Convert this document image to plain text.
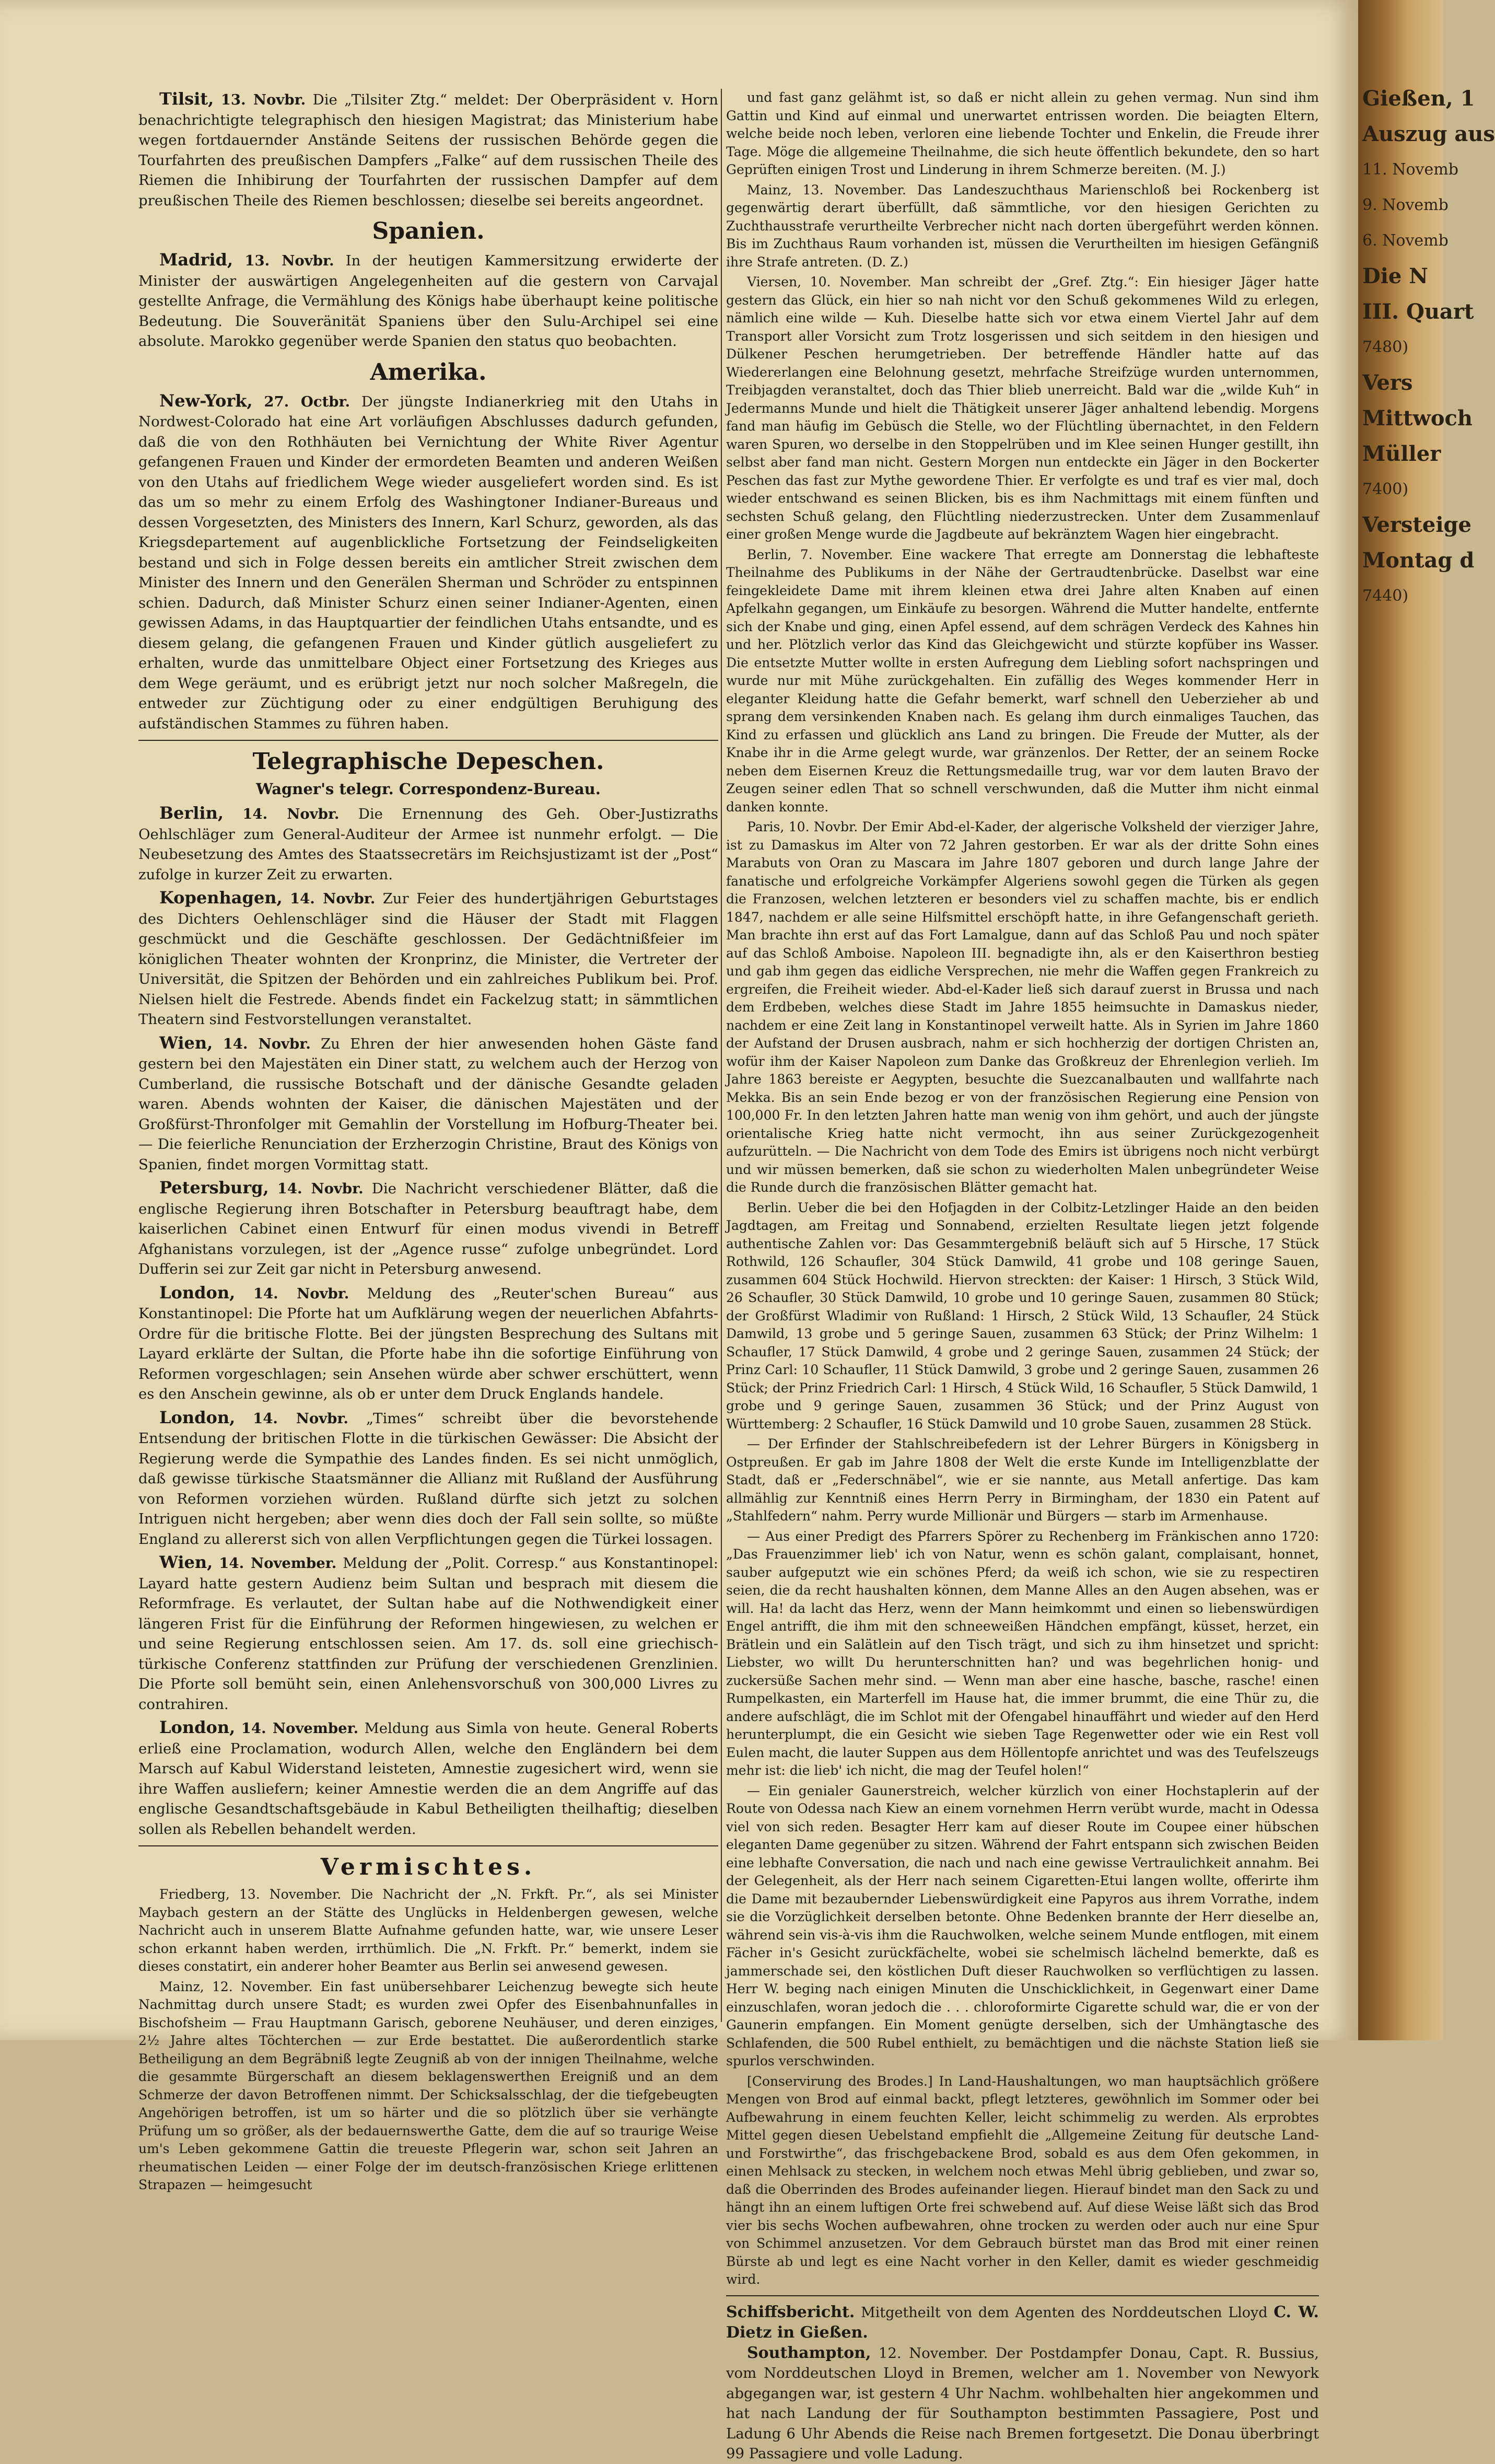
Tilsit, 13. Novbr. Die „Tilsiter Ztg.“ meldet: Der Oberpräsident v. Horn benachrichtigte telegraphisch den hiesigen Magistrat; das Ministerium habe wegen fortdauernder Anstände Seitens der russischen Behörde gegen die Tourfahrten des preußischen Dampfers „Falke“ auf dem russischen Theile des Riemen die Inhibirung der Tourfahrten der russischen Dampfer auf dem preußischen Theile des Riemen beschlossen; dieselbe sei bereits angeordnet.

Spanien.

Madrid, 13. Novbr. In der heutigen Kammersitzung erwiderte der Minister der auswärtigen Angelegenheiten auf die gestern von Carvajal gestellte Anfrage, die Vermählung des Königs habe überhaupt keine politische Bedeutung. Die Souveränität Spaniens über den Sulu-Archipel sei eine absolute. Marokko gegenüber werde Spanien den status quo beobachten.

Amerika.

New-York, 27. Octbr. Der jüngste Indianerkrieg mit den Utahs in Nordwest-Colorado hat eine Art vorläufigen Abschlusses dadurch gefunden, daß die von den Rothhäuten bei Vernichtung der White River Agentur gefangenen Frauen und Kinder der ermordeten Beamten und anderen Weißen von den Utahs auf friedlichem Wege wieder ausgeliefert worden sind. Es ist das um so mehr zu einem Erfolg des Washingtoner Indianer-Bureaus und dessen Vorgesetzten, des Ministers des Innern, Karl Schurz, geworden, als das Kriegsdepartement auf augenblickliche Fortsetzung der Feindseligkeiten bestand und sich in Folge dessen bereits ein amtlicher Streit zwischen dem Minister des Innern und den Generälen Sherman und Schröder zu entspinnen schien. Dadurch, daß Minister Schurz einen seiner Indianer-Agenten, einen gewissen Adams, in das Hauptquartier der feindlichen Utahs entsandte, und es diesem gelang, die gefangenen Frauen und Kinder gütlich ausgeliefert zu erhalten, wurde das unmittelbare Object einer Fortsetzung des Krieges aus dem Wege geräumt, und es erübrigt jetzt nur noch solcher Maßregeln, die entweder zur Züchtigung oder zu einer endgültigen Beruhigung des aufständischen Stammes zu führen haben.

Telegraphische Depeschen.
Wagner's telegr. Correspondenz-Bureau.

Berlin, 14. Novbr. Die Ernennung des Geh. Ober-Justizraths Oehlschläger zum General-Auditeur der Armee ist nunmehr erfolgt. — Die Neubesetzung des Amtes des Staatssecretärs im Reichsjustizamt ist der „Post“ zufolge in kurzer Zeit zu erwarten.

Kopenhagen, 14. Novbr. Zur Feier des hundertjährigen Geburtstages des Dichters Oehlenschläger sind die Häuser der Stadt mit Flaggen geschmückt und die Geschäfte geschlossen. Der Gedächtnißfeier im königlichen Theater wohnten der Kronprinz, die Minister, die Vertreter der Universität, die Spitzen der Behörden und ein zahlreiches Publikum bei. Prof. Nielsen hielt die Festrede. Abends findet ein Fackelzug statt; in sämmtlichen Theatern sind Festvorstellungen veranstaltet.

Wien, 14. Novbr. Zu Ehren der hier anwesenden hohen Gäste fand gestern bei den Majestäten ein Diner statt, zu welchem auch der Herzog von Cumberland, die russische Botschaft und der dänische Gesandte geladen waren. Abends wohnten der Kaiser, die dänischen Majestäten und der Großfürst-Thronfolger mit Gemahlin der Vorstellung im Hofburg-Theater bei. — Die feierliche Renunciation der Erzherzogin Christine, Braut des Königs von Spanien, findet morgen Vormittag statt.

Petersburg, 14. Novbr. Die Nachricht verschiedener Blätter, daß die englische Regierung ihren Botschafter in Petersburg beauftragt habe, dem kaiserlichen Cabinet einen Entwurf für einen modus vivendi in Betreff Afghanistans vorzulegen, ist der „Agence russe“ zufolge unbegründet. Lord Dufferin sei zur Zeit gar nicht in Petersburg anwesend.

London, 14. Novbr. Meldung des „Reuter'schen Bureau“ aus Konstantinopel: Die Pforte hat um Aufklärung wegen der neuerlichen Abfahrts-Ordre für die britische Flotte. Bei der jüngsten Besprechung des Sultans mit Layard erklärte der Sultan, die Pforte habe ihn die sofortige Einführung von Reformen vorgeschlagen; sein Ansehen würde aber schwer erschüttert, wenn es den Anschein gewinne, als ob er unter dem Druck Englands handele.

London, 14. Novbr. „Times“ schreibt über die bevorstehende Entsendung der britischen Flotte in die türkischen Gewässer: Die Absicht der Regierung werde die Sympathie des Landes finden. Es sei nicht unmöglich, daß gewisse türkische Staatsmänner die Allianz mit Rußland der Ausführung von Reformen vorziehen würden. Rußland dürfte sich jetzt zu solchen Intriguen nicht hergeben; aber wenn dies doch der Fall sein sollte, so müßte England zu allererst sich von allen Verpflichtungen gegen die Türkei lossagen.

Wien, 14. November. Meldung der „Polit. Corresp.“ aus Konstantinopel: Layard hatte gestern Audienz beim Sultan und besprach mit diesem die Reformfrage. Es verlautet, der Sultan habe auf die Nothwendigkeit einer längeren Frist für die Einführung der Reformen hingewiesen, zu welchen er und seine Regierung entschlossen seien. Am 17. ds. soll eine griechisch-türkische Conferenz stattfinden zur Prüfung der verschiedenen Grenzlinien. Die Pforte soll bemüht sein, einen Anlehensvorschuß von 300,000 Livres zu contrahiren.

London, 14. November. Meldung aus Simla von heute. General Roberts erließ eine Proclamation, wodurch Allen, welche den Engländern bei dem Marsch auf Kabul Widerstand leisteten, Amnestie zugesichert wird, wenn sie ihre Waffen ausliefern; keiner Amnestie werden die an dem Angriffe auf das englische Gesandtschaftsgebäude in Kabul Betheiligten theilhaftig; dieselben sollen als Rebellen behandelt werden.

Vermischtes.

Friedberg, 13. November. Die Nachricht der „N. Frkft. Pr.“, als sei Minister Maybach gestern an der Stätte des Unglücks in Heldenbergen gewesen, welche Nachricht auch in unserem Blatte Aufnahme gefunden hatte, war, wie unsere Leser schon erkannt haben werden, irrthümlich. Die „N. Frkft. Pr.“ bemerkt, indem sie dieses constatirt, ein anderer hoher Beamter aus Berlin sei anwesend gewesen.

Mainz, 12. November. Ein fast unübersehbarer Leichenzug bewegte sich heute Nachmittag durch unsere Stadt; es wurden zwei Opfer des Eisenbahnunfalles in Bischofsheim — Frau Hauptmann Garisch, geborene Neuhäuser, und deren einziges, 2½ Jahre altes Töchterchen — zur Erde bestattet. Die außerordentlich starke Betheiligung an dem Begräbniß legte Zeugniß ab von der innigen Theilnahme, welche die gesammte Bürgerschaft an diesem beklagenswerthen Ereigniß und an dem Schmerze der davon Betroffenen nimmt. Der Schicksalsschlag, der die tiefgebeugten Angehörigen betroffen, ist um so härter und die so plötzlich über sie verhängte Prüfung um so größer, als der bedauernswerthe Gatte, dem die auf so traurige Weise um's Leben gekommene Gattin die treueste Pflegerin war, schon seit Jahren an rheumatischen Leiden — einer Folge der im deutsch-französischen Kriege erlittenen Strapazen — heimgesucht

und fast ganz gelähmt ist, so daß er nicht allein zu gehen vermag. Nun sind ihm Gattin und Kind auf einmal und unerwartet entrissen worden. Die beiagten Eltern, welche beide noch leben, verloren eine liebende Tochter und Enkelin, die Freude ihrer Tage. Möge die allgemeine Theilnahme, die sich heute öffentlich bekundete, den so hart Geprüften einigen Trost und Linderung in ihrem Schmerze bereiten. (M. J.)

Mainz, 13. November. Das Landeszuchthaus Marienschloß bei Rockenberg ist gegenwärtig derart überfüllt, daß sämmtliche, vor den hiesigen Gerichten zu Zuchthausstrafe verurtheilte Verbrecher nicht nach dorten übergeführt werden können. Bis im Zuchthaus Raum vorhanden ist, müssen die Verurtheilten im hiesigen Gefängniß ihre Strafe antreten. (D. Z.)

Viersen, 10. November. Man schreibt der „Gref. Ztg.“: Ein hiesiger Jäger hatte gestern das Glück, ein hier so nah nicht vor den Schuß gekommenes Wild zu erlegen, nämlich eine wilde — Kuh. Dieselbe hatte sich vor etwa einem Viertel Jahr auf dem Transport aller Vorsicht zum Trotz losgerissen und sich seitdem in den hiesigen und Dülkener Peschen herumgetrieben. Der betreffende Händler hatte auf das Wiedererlangen eine Belohnung gesetzt, mehrfache Streifzüge wurden unternommen, Treibjagden veranstaltet, doch das Thier blieb unerreicht. Bald war die „wilde Kuh“ in Jedermanns Munde und hielt die Thätigkeit unserer Jäger anhaltend lebendig. Morgens fand man häufig im Gebüsch die Stelle, wo der Flüchtling übernachtet, in den Feldern waren Spuren, wo derselbe in den Stoppelrüben und im Klee seinen Hunger gestillt, ihn selbst aber fand man nicht. Gestern Morgen nun entdeckte ein Jäger in den Bockerter Peschen das fast zur Mythe gewordene Thier. Er verfolgte es und traf es vier mal, doch wieder entschwand es seinen Blicken, bis es ihm Nachmittags mit einem fünften und sechsten Schuß gelang, den Flüchtling niederzustrecken. Unter dem Zusammenlauf einer großen Menge wurde die Jagdbeute auf bekränztem Wagen hier eingebracht.

Berlin, 7. November. Eine wackere That erregte am Donnerstag die lebhafteste Theilnahme des Publikums in der Nähe der Gertraudtenbrücke. Daselbst war eine feingekleidete Dame mit ihrem kleinen etwa drei Jahre alten Knaben auf einen Apfelkahn gegangen, um Einkäufe zu besorgen. Während die Mutter handelte, entfernte sich der Knabe und ging, einen Apfel essend, auf dem schrägen Verdeck des Kahnes hin und her. Plötzlich verlor das Kind das Gleichgewicht und stürzte kopfüber ins Wasser. Die entsetzte Mutter wollte in ersten Aufregung dem Liebling sofort nachspringen und wurde nur mit Mühe zurückgehalten. Ein zufällig des Weges kommender Herr in eleganter Kleidung hatte die Gefahr bemerkt, warf schnell den Ueberzieher ab und sprang dem versinkenden Knaben nach. Es gelang ihm durch einmaliges Tauchen, das Kind zu erfassen und glücklich ans Land zu bringen. Die Freude der Mutter, als der Knabe ihr in die Arme gelegt wurde, war gränzenlos. Der Retter, der an seinem Rocke neben dem Eisernen Kreuz die Rettungsmedaille trug, war vor dem lauten Bravo der Zeugen seiner edlen That so schnell verschwunden, daß die Mutter ihm nicht einmal danken konnte.

Paris, 10. Novbr. Der Emir Abd-el-Kader, der algerische Volksheld der vierziger Jahre, ist zu Damaskus im Alter von 72 Jahren gestorben. Er war als der dritte Sohn eines Marabuts von Oran zu Mascara im Jahre 1807 geboren und durch lange Jahre der fanatische und erfolgreiche Vorkämpfer Algeriens sowohl gegen die Türken als gegen die Franzosen, welchen letzteren er besonders viel zu schaffen machte, bis er endlich 1847, nachdem er alle seine Hilfsmittel erschöpft hatte, in ihre Gefangenschaft gerieth. Man brachte ihn erst auf das Fort Lamalgue, dann auf das Schloß Pau und noch später auf das Schloß Amboise. Napoleon III. begnadigte ihn, als er den Kaiserthron bestieg und gab ihm gegen das eidliche Versprechen, nie mehr die Waffen gegen Frankreich zu ergreifen, die Freiheit wieder. Abd-el-Kader ließ sich darauf zuerst in Brussa und nach dem Erdbeben, welches diese Stadt im Jahre 1855 heimsuchte in Damaskus nieder, nachdem er eine Zeit lang in Konstantinopel verweilt hatte. Als in Syrien im Jahre 1860 der Aufstand der Drusen ausbrach, nahm er sich hochherzig der dortigen Christen an, wofür ihm der Kaiser Napoleon zum Danke das Großkreuz der Ehrenlegion verlieh. Im Jahre 1863 bereiste er Aegypten, besuchte die Suezcanalbauten und wallfahrte nach Mekka. Bis an sein Ende bezog er von der französischen Regierung eine Pension von 100,000 Fr. In den letzten Jahren hatte man wenig von ihm gehört, und auch der jüngste orientalische Krieg hatte nicht vermocht, ihn aus seiner Zurückgezogenheit aufzurütteln. — Die Nachricht von dem Tode des Emirs ist übrigens noch nicht verbürgt und wir müssen bemerken, daß sie schon zu wiederholten Malen unbegründeter Weise die Runde durch die französischen Blätter gemacht hat.

Berlin. Ueber die bei den Hofjagden in der Colbitz-Letzlinger Haide an den beiden Jagdtagen, am Freitag und Sonnabend, erzielten Resultate liegen jetzt folgende authentische Zahlen vor: Das Gesammtergebniß beläuft sich auf 5 Hirsche, 17 Stück Rothwild, 126 Schaufler, 304 Stück Damwild, 41 grobe und 108 geringe Sauen, zusammen 604 Stück Hochwild. Hiervon streckten: der Kaiser: 1 Hirsch, 3 Stück Wild, 26 Schaufler, 30 Stück Damwild, 10 grobe und 10 geringe Sauen, zusammen 80 Stück; der Großfürst Wladimir von Rußland: 1 Hirsch, 2 Stück Wild, 13 Schaufler, 24 Stück Damwild, 13 grobe und 5 geringe Sauen, zusammen 63 Stück; der Prinz Wilhelm: 1 Schaufler, 17 Stück Damwild, 4 grobe und 2 geringe Sauen, zusammen 24 Stück; der Prinz Carl: 10 Schaufler, 11 Stück Damwild, 3 grobe und 2 geringe Sauen, zusammen 26 Stück; der Prinz Friedrich Carl: 1 Hirsch, 4 Stück Wild, 16 Schaufler, 5 Stück Damwild, 1 grobe und 9 geringe Sauen, zusammen 36 Stück; und der Prinz August von Württemberg: 2 Schaufler, 16 Stück Damwild und 10 grobe Sauen, zusammen 28 Stück.

— Der Erfinder der Stahlschreibefedern ist der Lehrer Bürgers in Königsberg in Ostpreußen. Er gab im Jahre 1808 der Welt die erste Kunde im Intelligenzblatte der Stadt, daß er „Federschnäbel“, wie er sie nannte, aus Metall anfertige. Das kam allmählig zur Kenntniß eines Herrn Perry in Birmingham, der 1830 ein Patent auf „Stahlfedern“ nahm. Perry wurde Millionär und Bürgers — starb im Armenhause.

— Aus einer Predigt des Pfarrers Spörer zu Rechenberg im Fränkischen anno 1720: „Das Frauenzimmer lieb' ich von Natur, wenn es schön galant, complaisant, honnet, sauber aufgeputzt wie ein schönes Pferd; da weiß ich schon, wie sie zu respectiren seien, die da recht haushalten können, dem Manne Alles an den Augen absehen, was er will. Ha! da lacht das Herz, wenn der Mann heimkommt und einen so liebenswürdigen Engel antrifft, die ihm mit den schneeweißen Händchen empfängt, küsset, herzet, ein Brätlein und ein Salätlein auf den Tisch trägt, und sich zu ihm hinsetzet und spricht: Liebster, wo willt Du herunterschnitten han? und was begehrlichen honig- und zuckersüße Sachen mehr sind. — Wenn man aber eine hasche, basche, rasche! einen Rumpelkasten, ein Marterfell im Hause hat, die immer brummt, die eine Thür zu, die andere aufschlägt, die im Schlot mit der Ofengabel hinauffährt und wieder auf den Herd herunterplumpt, die ein Gesicht wie sieben Tage Regenwetter oder wie ein Rest voll Eulen macht, die lauter Suppen aus dem Höllentopfe anrichtet und was des Teufelszeugs mehr ist: die lieb' ich nicht, die mag der Teufel holen!“

— Ein genialer Gaunerstreich, welcher kürzlich von einer Hochstaplerin auf der Route von Odessa nach Kiew an einem vornehmen Herrn verübt wurde, macht in Odessa viel von sich reden. Besagter Herr kam auf dieser Route im Coupee einer hübschen eleganten Dame gegenüber zu sitzen. Während der Fahrt entspann sich zwischen Beiden eine lebhafte Conversation, die nach und nach eine gewisse Vertraulichkeit annahm. Bei der Gelegenheit, als der Herr nach seinem Cigaretten-Etui langen wollte, offerirte ihm die Dame mit bezaubernder Liebenswürdigkeit eine Papyros aus ihrem Vorrathe, indem sie die Vorzüglichkeit derselben betonte. Ohne Bedenken brannte der Herr dieselbe an, während sein vis-à-vis ihm die Rauchwolken, welche seinem Munde entflogen, mit einem Fächer in's Gesicht zurückfächelte, wobei sie schelmisch lächelnd bemerkte, daß es jammerschade sei, den köstlichen Duft dieser Rauchwolken so verflüchtigen zu lassen. Herr W. beging nach einigen Minuten die Unschicklichkeit, in Gegenwart einer Dame einzuschlafen, woran jedoch die . . . chloroformirte Cigarette schuld war, die er von der Gaunerin empfangen. Ein Moment genügte derselben, sich der Umhängtasche des Schlafenden, die 500 Rubel enthielt, zu bemächtigen und die nächste Station ließ sie spurlos verschwinden.

[Conservirung des Brodes.] In Land-Haushaltungen, wo man hauptsächlich größere Mengen von Brod auf einmal backt, pflegt letzteres, gewöhnlich im Sommer oder bei Aufbewahrung in einem feuchten Keller, leicht schimmelig zu werden. Als erprobtes Mittel gegen diesen Uebelstand empfiehlt die „Allgemeine Zeitung für deutsche Land- und Forstwirthe“, das frischgebackene Brod, sobald es aus dem Ofen gekommen, in einen Mehlsack zu stecken, in welchem noch etwas Mehl übrig geblieben, und zwar so, daß die Oberrinden des Brodes aufeinander liegen. Hierauf bindet man den Sack zu und hängt ihn an einem luftigen Orte frei schwebend auf. Auf diese Weise läßt sich das Brod vier bis sechs Wochen aufbewahren, ohne trocken zu werden oder auch nur eine Spur von Schimmel anzusetzen. Vor dem Gebrauch bürstet man das Brod mit einer reinen Bürste ab und legt es eine Nacht vorher in den Keller, damit es wieder geschmeidig wird.

Schiffsbericht. Mitgetheilt von dem Agenten des Norddeutschen Lloyd C. W. Dietz in Gießen.
Southampton, 12. November. Der Postdampfer Donau, Capt. R. Bussius, vom Norddeutschen Lloyd in Bremen, welcher am 1. November von Newyork abgegangen war, ist gestern 4 Uhr Nachm. wohlbehalten hier angekommen und hat nach Landung der für Southampton bestimmten Passagiere, Post und Ladung 6 Uhr Abends die Reise nach Bremen fortgesetzt. Die Donau überbringt 99 Passagiere und volle Ladung.
Gießen, 1
Auszug aus
11. Novemb
9. Novemb
6. Novemb
Die N
III. Quart
7480)
Vers
Mittwoch
Müller
7400)
Versteige
Montag d
7440)
